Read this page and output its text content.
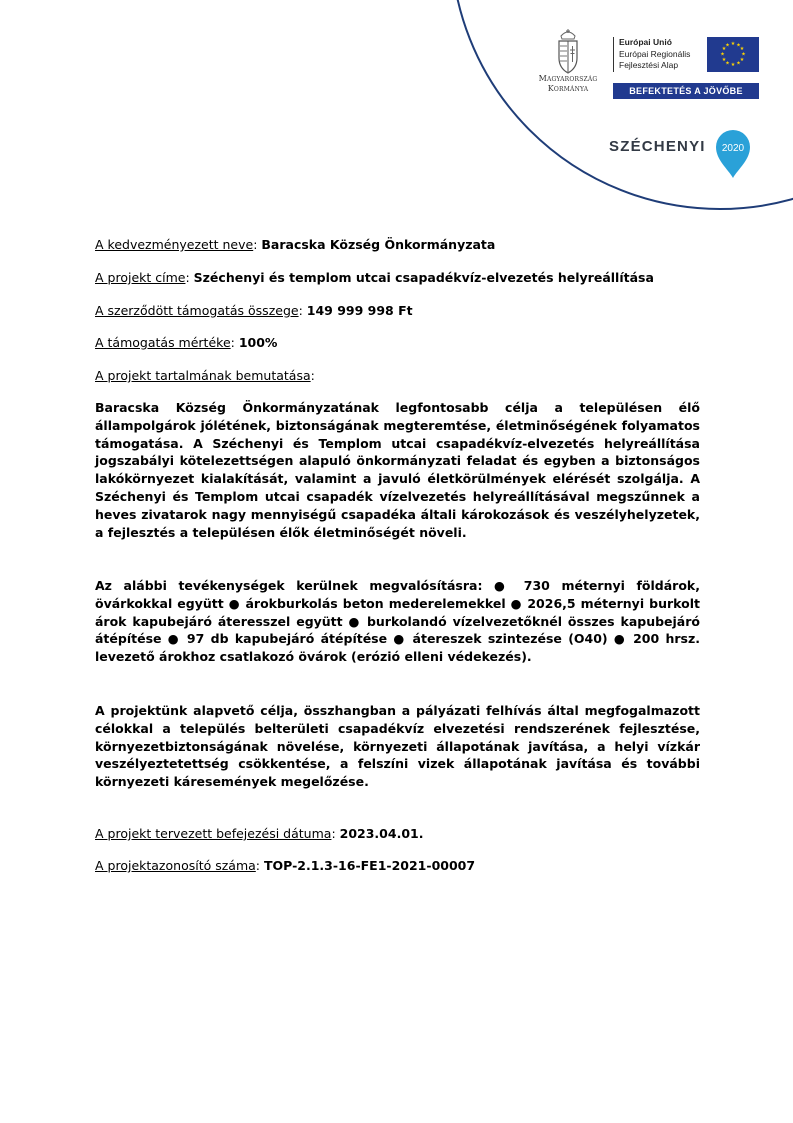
Magyarország
Kormánya
Európai Unió
Európai Regionális
Fejlesztési Alap
★ ★
★
★
★
★
★
★
★
★
★
★
BEFEKTETÉS A JÖVŐBE
SZÉCHENYI 2020
A kedvezményezett neve: Baracska Község Önkormányzata
A projekt címe: Széchenyi és templom utcai csapadékvíz-elvezetés helyreállítása
A szerződött támogatás összege: 149 999 998 Ft
A támogatás mértéke: 100%
A projekt tartalmának bemutatása:
Baracska Község Önkormányzatának legfontosabb célja a településen élő állampolgárok jólétének, biztonságának megteremtése, életminőségének folyamatos támogatása. A Széchenyi és Templom utcai csapadékvíz-elvezetés helyreállítása jogszabályi kötelezettségen alapuló önkormányzati feladat és egyben a biztonságos lakókörnyezet kialakítását, valamint a javuló életkörülmények elérését szolgálja. A Széchenyi és Templom utcai csapadék vízelvezetés helyreállításával megszűnnek a heves zivatarok nagy mennyiségű csapadéka általi károkozások és veszélyhelyzetek, a fejlesztés a településen élők életminőségét növeli.
Az alábbi tevékenységek kerülnek megvalósításra: ● 730 méternyi földárok, övárkokkal együtt ● árokburkolás beton mederelemekkel ● 2026,5 méternyi burkolt árok kapubejáró áteresszel együtt ● burkolandó vízelvezetőknél összes kapubejáró átépítése ● 97 db kapubejáró átépítése ● átereszek szintezése (O40) ● 200 hrsz. levezető árokhoz csatlakozó övárok (erózió elleni védekezés).
A projektünk alapvető célja, összhangban a pályázati felhívás által megfogalmazott célokkal a település belterületi csapadékvíz elvezetési rendszerének fejlesztése, környezetbiztonságának növelése, környezeti állapotának javítása, a helyi vízkár veszélyeztetettség csökkentése, a felszíni vizek állapotának javítása és további környezeti káresemények megelőzése.
A projekt tervezett befejezési dátuma: 2023.04.01.
A projektazonosító száma: TOP-2.1.3-16-FE1-2021-00007
